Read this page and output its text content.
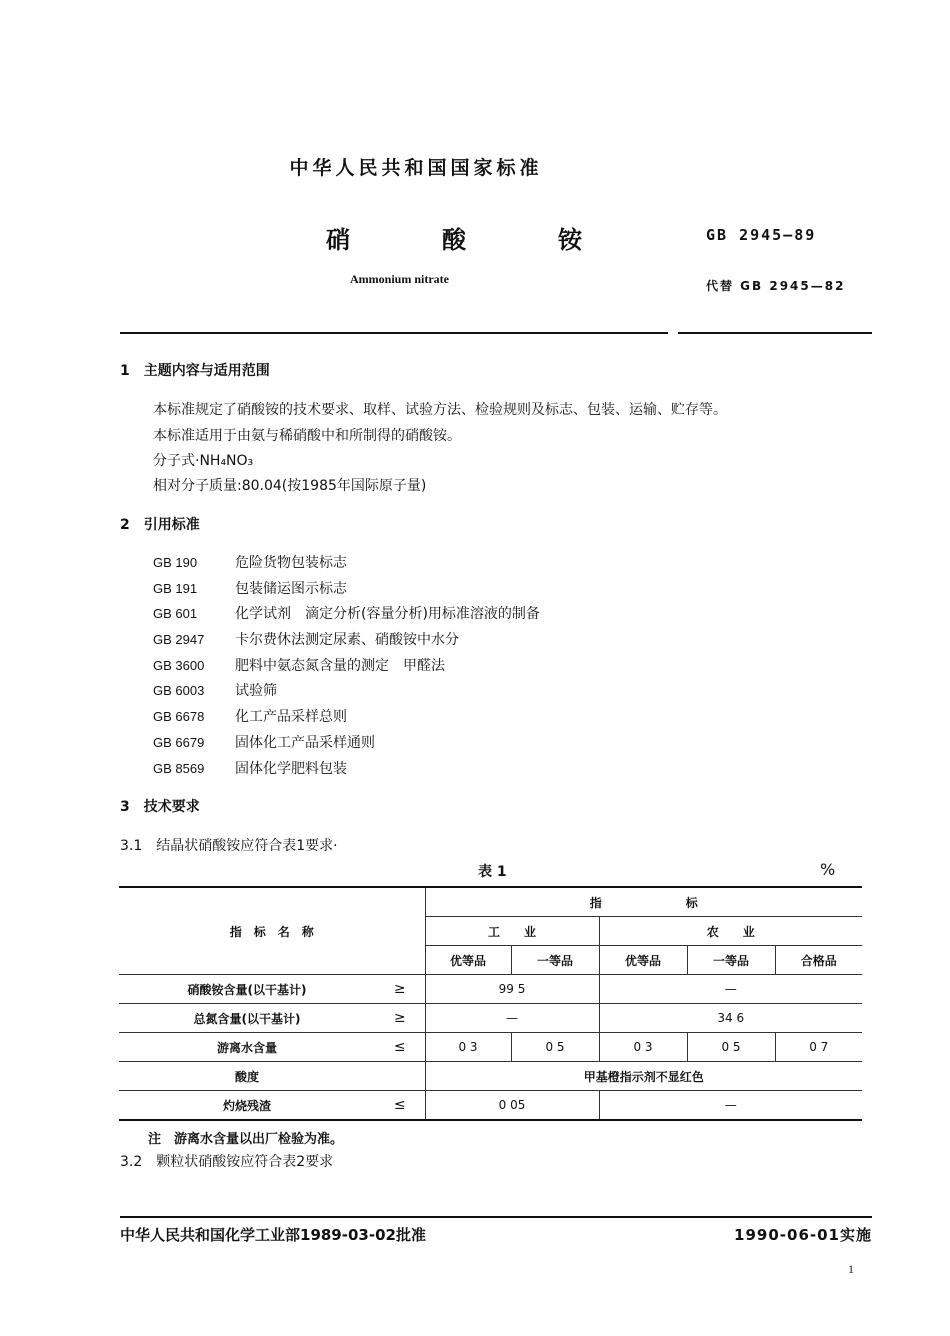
中华人民共和国国家标准
硝　酸　铵	GB 2945—89
Ammonium nitrate	代替 GB 2945—82
1　主题内容与适用范围
本标准规定了硝酸铵的技术要求、取样、试验方法、检验规则及标志、包装、运输、贮存等。
本标准适用于由氨与稀硝酸中和所制得的硝酸铵。
分子式·NH₄NO₃
相对分子质量:80.04(按1985年国际原子量)
2　引用标准
GB 190	危险货物包装标志
GB 191	包装储运图示标志
GB 601	化学试剂　滴定分析(容量分析)用标准溶液的制备
GB 2947 卡尔费休法测定尿素、硝酸铵中水分
GB 3600 肥料中氨态氮含量的测定　甲醛法
GB 6003 试验筛
GB 6678 化工产品采样总则
GB 6679 固体化工产品采样通则
GB 8569 固体化学肥料包装
3　技术要求
3.1　结晶状硝酸铵应符合表1要求·
表 1	%
指　标　名　称		指　　　　　　　标				
		工　　业		农　　业		
		优等品	一等品	优等品	一等品	合格品
硝酸铵含量(以干基计)	≥	99 5		—		
总氮含量(以干基计)	≥	—		34 6		
游离水含量	≤	0 3	0 5	0 3	0 5	0 7
酸度		甲基橙指示剂不显红色				
灼烧残渣	≤	0 05		—		
注　游离水含量以出厂检验为准。
3.2　颗粒状硝酸铵应符合表2要求
中华人民共和国化学工业部1989-03-02批准	1990-06-01实施
1
